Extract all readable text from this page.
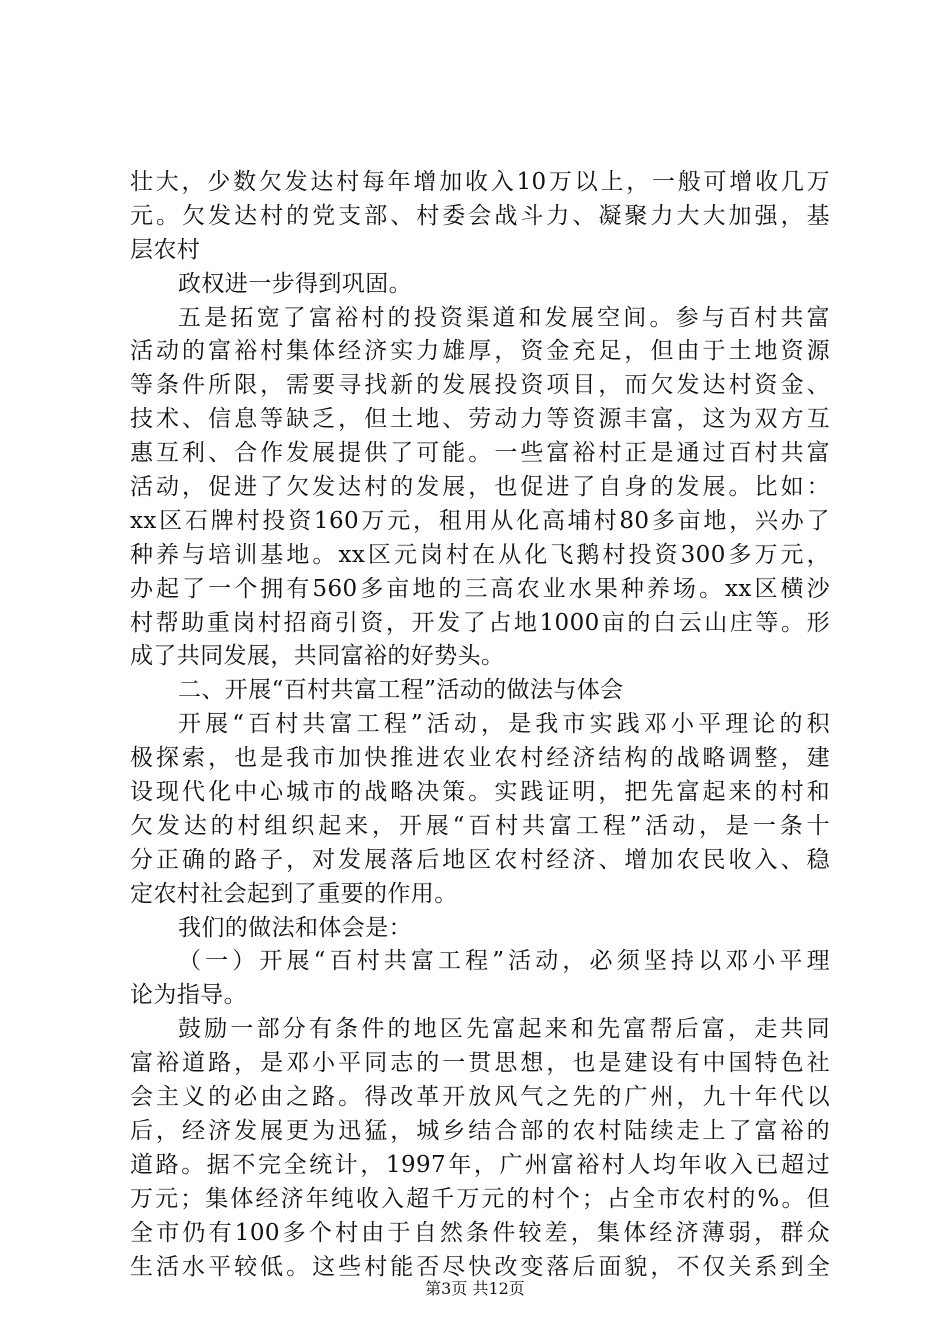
壮大，少数欠发达村每年增加收入10万以上，一般可增收几万
元。欠发达村的党支部、村委会战斗力、凝聚力大大加强，基
层农村
政权进一步得到巩固。
五是拓宽了富裕村的投资渠道和发展空间。参与百村共富
活动的富裕村集体经济实力雄厚，资金充足，但由于土地资源
等条件所限，需要寻找新的发展投资项目，而欠发达村资金、
技术、信息等缺乏，但土地、劳动力等资源丰富，这为双方互
惠互利、合作发展提供了可能。一些富裕村正是通过百村共富
活动，促进了欠发达村的发展，也促进了自身的发展。比如：
xx区石牌村投资160万元，租用从化高埔村80多亩地，兴办了
种养与培训基地。xx区元岗村在从化飞鹅村投资300多万元，
办起了一个拥有560多亩地的三高农业水果种养场。xx区横沙
村帮助重岗村招商引资，开发了占地1000亩的白云山庄等。形
成了共同发展，共同富裕的好势头。
二、开展“百村共富工程”活动的做法与体会
开展“百村共富工程”活动，是我市实践邓小平理论的积
极探索，也是我市加快推进农业农村经济结构的战略调整，建
设现代化中心城市的战略决策。实践证明，把先富起来的村和
欠发达的村组织起来，开展“百村共富工程”活动，是一条十
分正确的路子，对发展落后地区农村经济、增加农民收入、稳
定农村社会起到了重要的作用。
我们的做法和体会是：
（一）开展“百村共富工程”活动，必须坚持以邓小平理
论为指导。
鼓励一部分有条件的地区先富起来和先富帮后富，走共同
富裕道路，是邓小平同志的一贯思想，也是建设有中国特色社
会主义的必由之路。得改革开放风气之先的广州，九十年代以
后，经济发展更为迅猛，城乡结合部的农村陆续走上了富裕的
道路。据不完全统计，1997年，广州富裕村人均年收入已超过
万元；集体经济年纯收入超千万元的村个；占全市农村的%。但
全市仍有100多个村由于自然条件较差，集体经济薄弱，群众
生活水平较低。这些村能否尽快改变落后面貌，不仅关系到全
第3页 共12页
